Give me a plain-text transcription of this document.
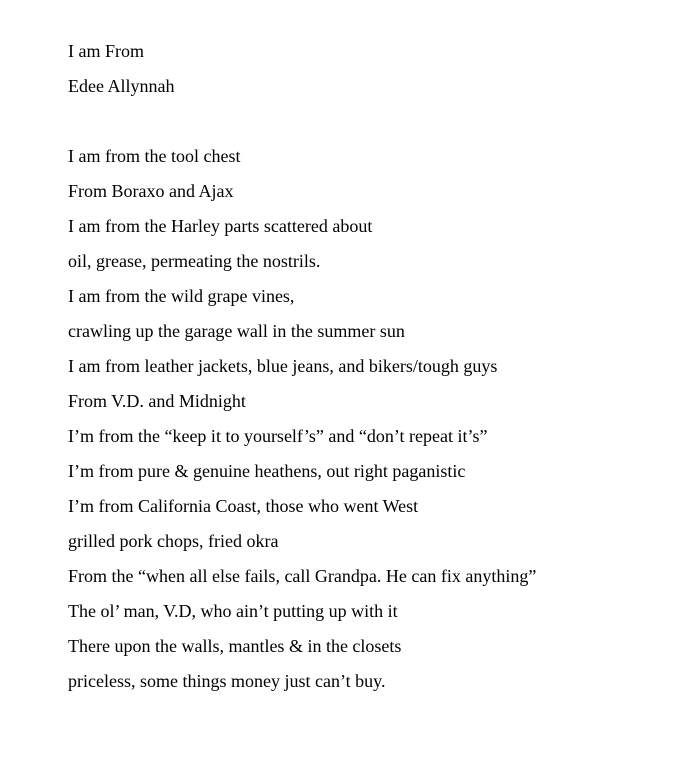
I am From
Edee Allynnah
I am from the tool chest
From Boraxo and Ajax
I am from the Harley parts scattered about
oil, grease, permeating the nostrils.
I am from the wild grape vines,
crawling up the garage wall in the summer sun
I am from leather jackets, blue jeans, and bikers/tough guys
From V.D. and Midnight
I’m from the “keep it to yourself’s” and “don’t repeat it’s”
I’m from pure & genuine heathens, out right paganistic
I’m from California Coast, those who went West
grilled pork chops, fried okra
From the “when all else fails, call Grandpa. He can fix anything”
The ol’ man, V.D, who ain’t putting up with it
There upon the walls, mantles & in the closets
priceless, some things money just can’t buy.
